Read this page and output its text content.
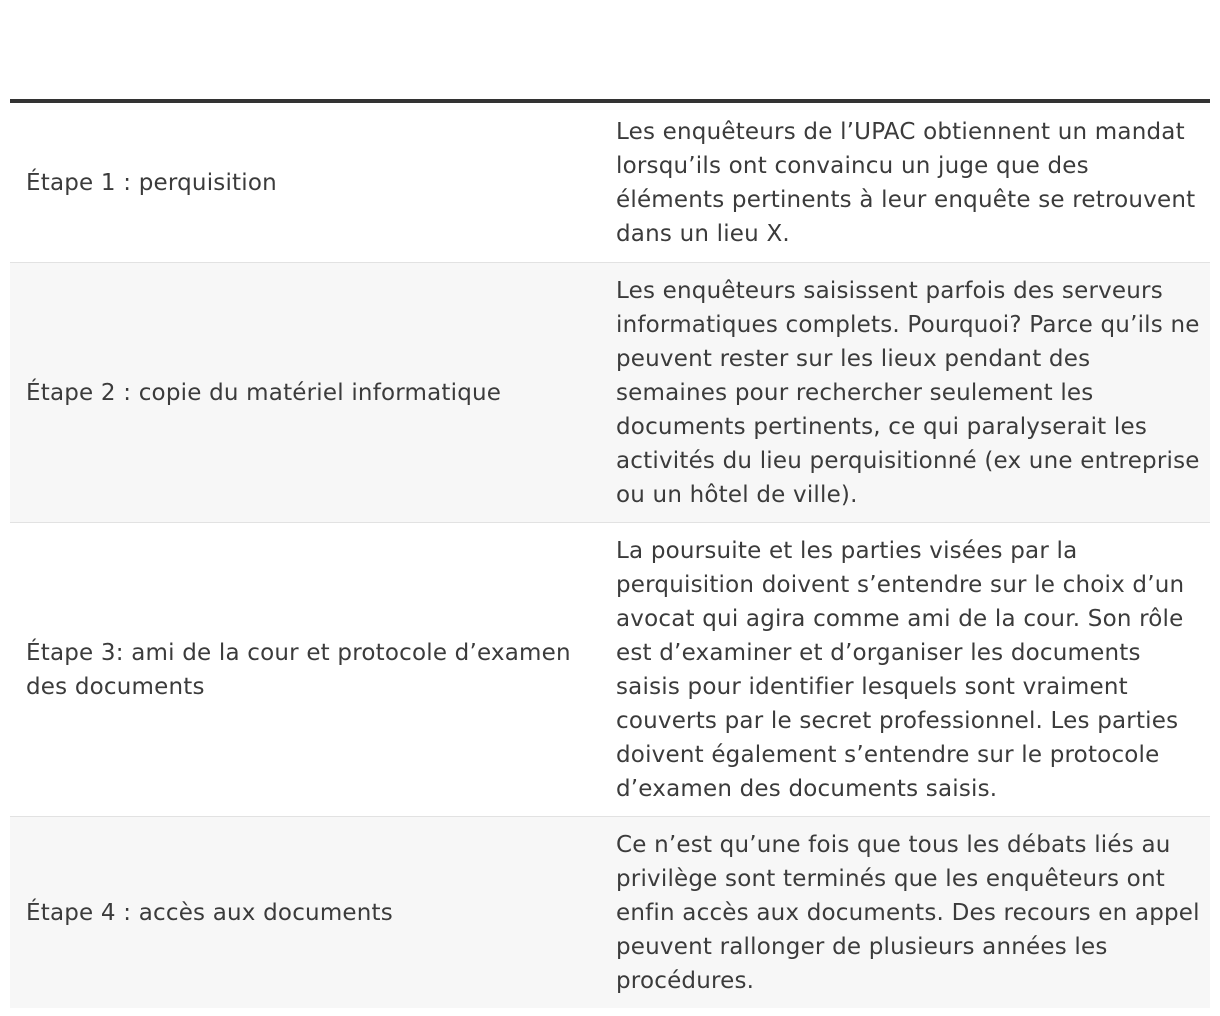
Étape 1 : perquisition	Les enquêteurs de l’UPAC obtiennent un mandat lorsqu’ils ont convaincu un juge que des éléments pertinents à leur enquête se retrouvent dans un lieu X.
Étape 2 : copie du matériel informatique	Les enquêteurs saisissent parfois des serveurs informatiques complets. Pourquoi? Parce qu’ils ne peuvent rester sur les lieux pendant des semaines pour rechercher seulement les documents pertinents, ce qui paralyserait les activités du lieu perquisitionné (ex une entreprise ou un hôtel de ville).
Étape 3: ami de la cour et protocole d’examen des documents	La poursuite et les parties visées par la perquisition doivent s’entendre sur le choix d’un avocat qui agira comme ami de la cour. Son rôle est d’examiner et d’organiser les documents saisis pour identifier lesquels sont vraiment couverts par le secret professionnel. Les parties doivent également s’entendre sur le protocole d’examen des documents saisis.
Étape 4 : accès aux documents	Ce n’est qu’une fois que tous les débats liés au privilège sont terminés que les enquêteurs ont enfin accès aux documents. Des recours en appel peuvent rallonger de plusieurs années les procédures.
